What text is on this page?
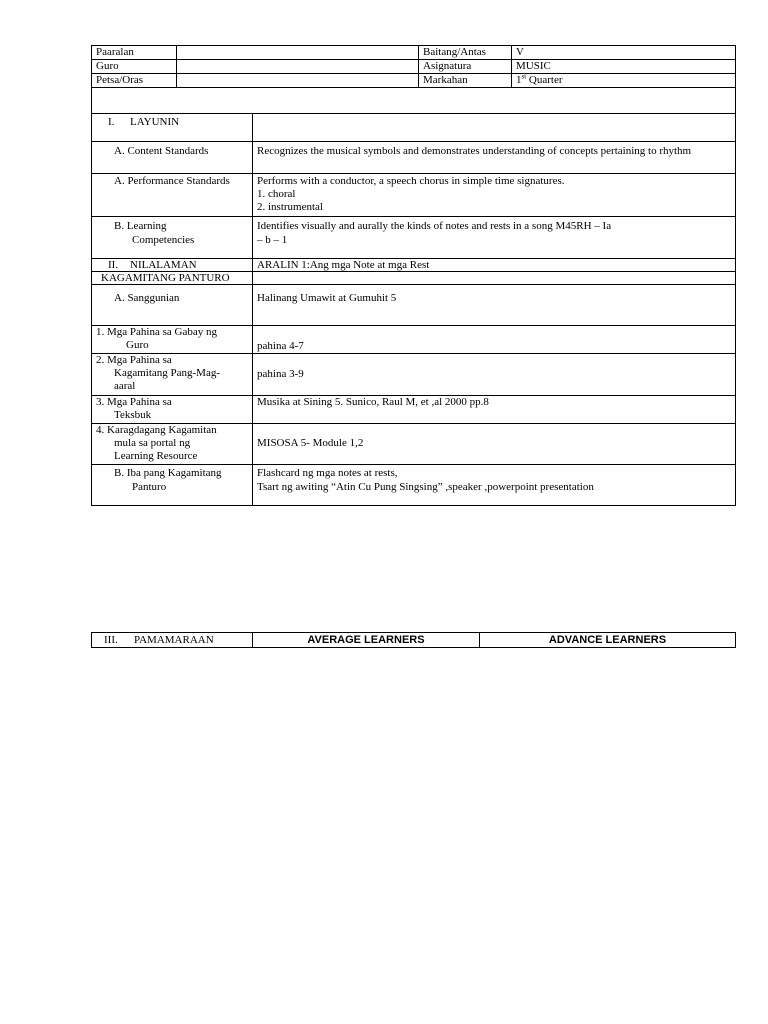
Paaralan		Baitang/Antas	V
Guro		Asignatura	MUSIC
Petsa/Oras		Markahan	1st Quarter

I. LAYUNIN	
A. Content Standards	Recognizes the musical symbols and demonstrates understanding of concepts pertaining to rhythm
A. Performance Standards	Performs with a conductor, a speech chorus in simple time signatures.
1. choral
2. instrumental

B. Learning
Competencies	Identifies visually and aurally the kinds of notes and rests in a song M45RH – Ia
– b – 1

II. NILALAMAN	ARALIN 1:Ang mga Note at mga Rest
KAGAMITANG PANTURO	
A. Sanggunian	Halinang Umawit at Gumuhit 5

1. Mga Pahina sa Gabay ng
Guro	pahina 4-7

2. Mga Pahina sa
Kagamitang Pang-Mag-
aaral	pahina 3-9

3. Mga Pahina sa
Teksbuk	Musika at Sining 5. Sunico, Raul M, et ,al 2000 pp.8

4. Karagdagang Kagamitan
mula sa portal ng
Learning Resource	MISOSA 5- Module 1,2

B. Iba pang Kagamitang
Panturo	Flashcard ng mga notes at rests,
Tsart ng awiting “Atin Cu Pung Singsing” ,speaker ,powerpoint presentation
III. PAMAMARAAN	AVERAGE LEARNERS	ADVANCE LEARNERS
